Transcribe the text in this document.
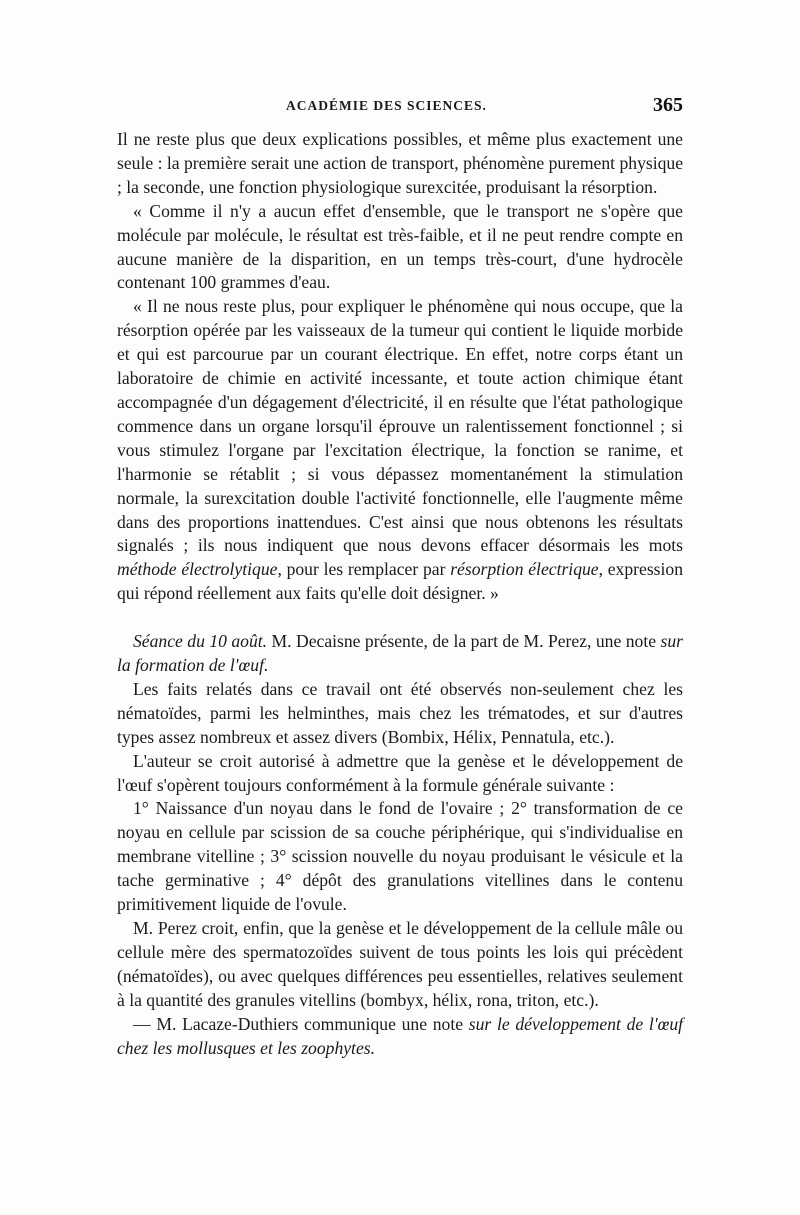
ACADÉMIE DES SCIENCES.	365

Il ne reste plus que deux explications possibles, et même plus exactement une seule : la première serait une action de transport, phénomène purement physique ; la seconde, une fonction physiologique surexcitée, produisant la résorption.

« Comme il n'y a aucun effet d'ensemble, que le transport ne s'opère que molécule par molécule, le résultat est très-faible, et il ne peut rendre compte en aucune manière de la disparition, en un temps très-court, d'une hydrocèle contenant 100 grammes d'eau.

« Il ne nous reste plus, pour expliquer le phénomène qui nous occupe, que la résorption opérée par les vaisseaux de la tumeur qui contient le liquide morbide et qui est parcourue par un courant électrique. En effet, notre corps étant un laboratoire de chimie en activité incessante, et toute action chimique étant accompagnée d'un dégagement d'électricité, il en résulte que l'état pathologique commence dans un organe lorsqu'il éprouve un ralentissement fonctionnel ; si vous stimulez l'organe par l'excitation électrique, la fonction se ranime, et l'harmonie se rétablit ; si vous dépassez momentanément la stimulation normale, la surexcitation double l'activité fonctionnelle, elle l'augmente même dans des proportions inattendues. C'est ainsi que nous obtenons les résultats signalés ; ils nous indiquent que nous devons effacer désormais les mots méthode électrolytique, pour les remplacer par résorption électrique, expression qui répond réellement aux faits qu'elle doit désigner. »

Séance du 10 août. M. Decaisne présente, de la part de M. Perez, une note sur la formation de l'œuf.

Les faits relatés dans ce travail ont été observés non-seulement chez les nématoïdes, parmi les helminthes, mais chez les trématodes, et sur d'autres types assez nombreux et assez divers (Bombix, Hélix, Pennatula, etc.).

L'auteur se croit autorisé à admettre que la genèse et le développement de l'œuf s'opèrent toujours conformément à la formule générale suivante :

1° Naissance d'un noyau dans le fond de l'ovaire ; 2° transformation de ce noyau en cellule par scission de sa couche périphérique, qui s'individualise en membrane vitelline ; 3° scission nouvelle du noyau produisant le vésicule et la tache germinative ; 4° dépôt des granulations vitellines dans le contenu primitivement liquide de l'ovule.

M. Perez croit, enfin, que la genèse et le développement de la cellule mâle ou cellule mère des spermatozoïdes suivent de tous points les lois qui précèdent (nématoïdes), ou avec quelques différences peu essentielles, relatives seulement à la quantité des granules vitellins (bombyx, hélix, rona, triton, etc.).

— M. Lacaze-Duthiers communique une note sur le développement de l'œuf chez les mollusques et les zoophytes.
